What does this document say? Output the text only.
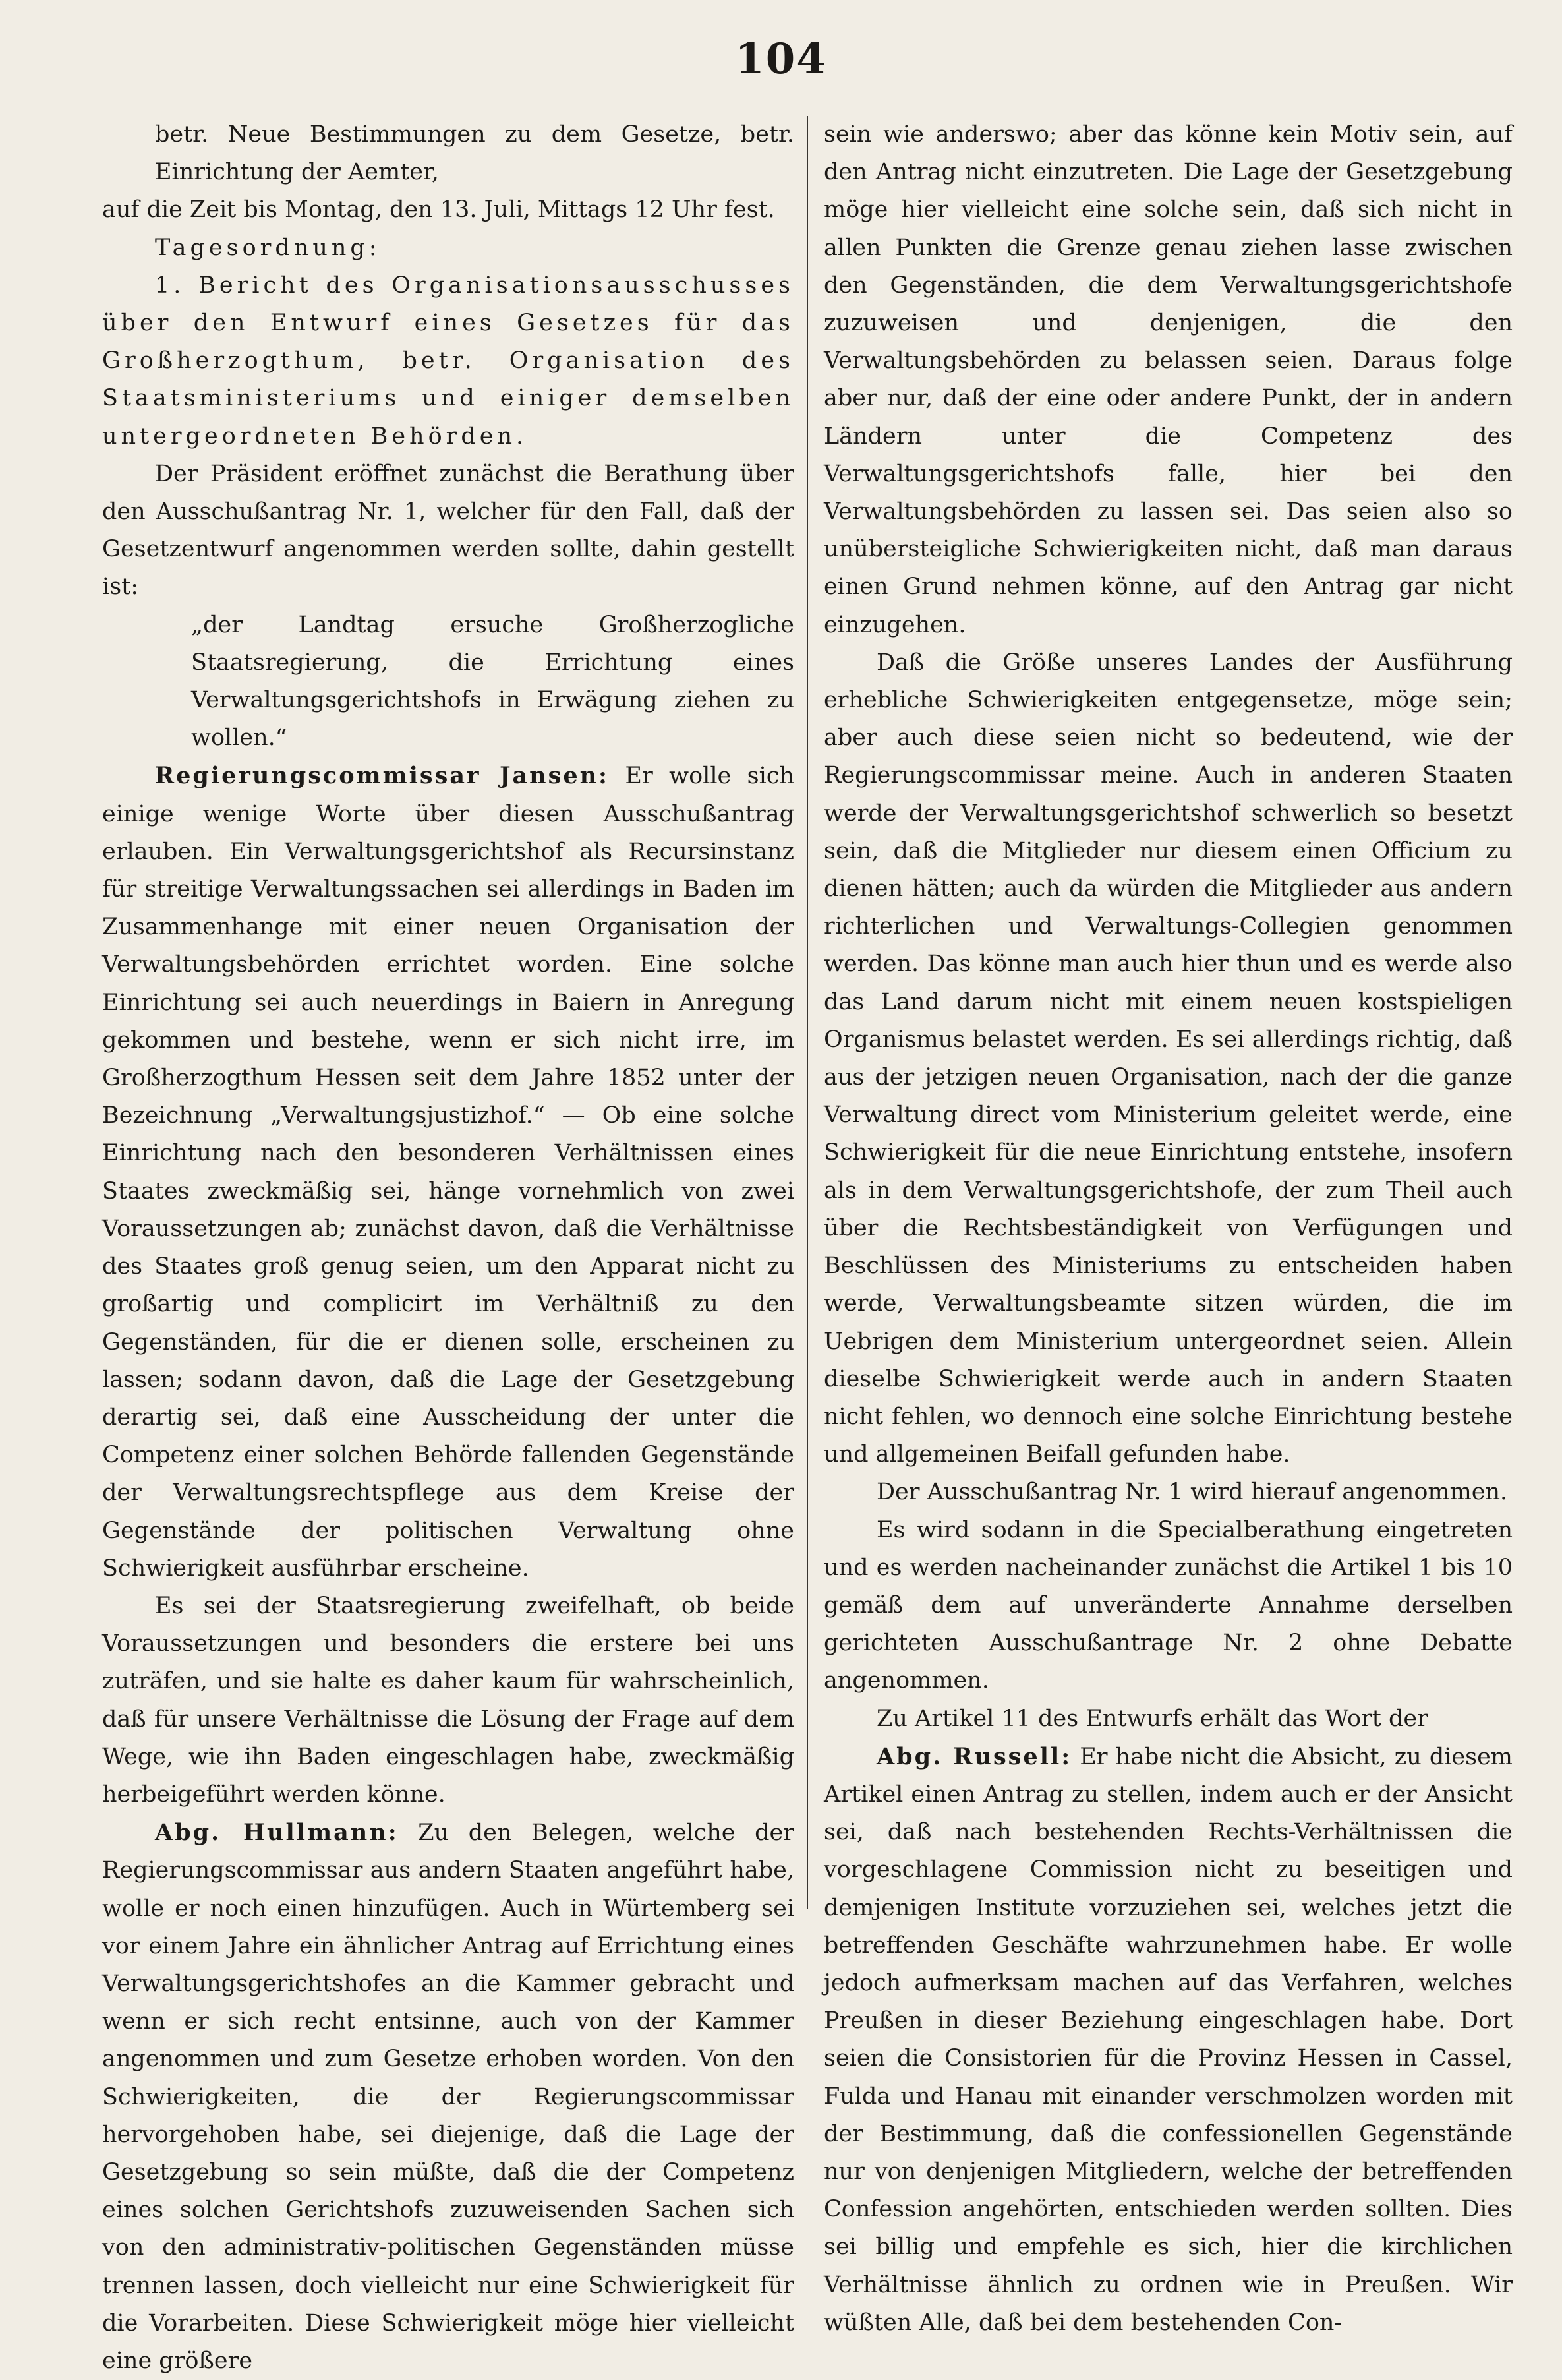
104

betr. Neue Bestimmungen zu dem Gesetze, betr. Einrichtung der Aemter,

auf die Zeit bis Montag, den 13. Juli, Mittags 12 Uhr fest.

Tagesordnung:

1. Bericht des Organisationsausschusses über den Entwurf eines Gesetzes für das Großherzogthum, betr. Organisation des Staatsministeriums und einiger demselben untergeordneten Behörden.

Der Präsident eröffnet zunächst die Berathung über den Ausschußantrag Nr. 1, welcher für den Fall, daß der Gesetzentwurf angenommen werden sollte, dahin gestellt ist:

„der Landtag ersuche Großherzogliche Staatsregierung, die Errichtung eines Verwaltungsgerichtshofs in Erwägung ziehen zu wollen.“

Regierungscommissar Jansen: Er wolle sich einige wenige Worte über diesen Ausschußantrag erlauben. Ein Verwaltungsgerichtshof als Recursinstanz für streitige Verwaltungssachen sei allerdings in Baden im Zusammenhange mit einer neuen Organisation der Verwaltungsbehörden errichtet worden. Eine solche Einrichtung sei auch neuerdings in Baiern in Anregung gekommen und bestehe, wenn er sich nicht irre, im Großherzogthum Hessen seit dem Jahre 1852 unter der Bezeichnung „Verwaltungsjustizhof.“ — Ob eine solche Einrichtung nach den besonderen Verhältnissen eines Staates zweckmäßig sei, hänge vornehmlich von zwei Voraussetzungen ab; zunächst davon, daß die Verhältnisse des Staates groß genug seien, um den Apparat nicht zu großartig und complicirt im Verhältniß zu den Gegenständen, für die er dienen solle, erscheinen zu lassen; sodann davon, daß die Lage der Gesetzgebung derartig sei, daß eine Ausscheidung der unter die Competenz einer solchen Behörde fallenden Gegenstände der Verwaltungsrechtspflege aus dem Kreise der Gegenstände der politischen Verwaltung ohne Schwierigkeit ausführbar erscheine.

Es sei der Staatsregierung zweifelhaft, ob beide Voraussetzungen und besonders die erstere bei uns zuträfen, und sie halte es daher kaum für wahrscheinlich, daß für unsere Verhältnisse die Lösung der Frage auf dem Wege, wie ihn Baden eingeschlagen habe, zweckmäßig herbeigeführt werden könne.

Abg. Hullmann: Zu den Belegen, welche der Regierungscommissar aus andern Staaten angeführt habe, wolle er noch einen hinzufügen. Auch in Würtemberg sei vor einem Jahre ein ähnlicher Antrag auf Errichtung eines Verwaltungsgerichtshofes an die Kammer gebracht und wenn er sich recht entsinne, auch von der Kammer angenommen und zum Gesetze erhoben worden. Von den Schwierigkeiten, die der Regierungscommissar hervorgehoben habe, sei diejenige, daß die Lage der Gesetzgebung so sein müßte, daß die der Competenz eines solchen Gerichtshofs zuzuweisenden Sachen sich von den administrativ-politischen Gegenständen müsse trennen lassen, doch vielleicht nur eine Schwierigkeit für die Vorarbeiten. Diese Schwierigkeit möge hier vielleicht eine größere

sein wie anderswo; aber das könne kein Motiv sein, auf den Antrag nicht einzutreten. Die Lage der Gesetzgebung möge hier vielleicht eine solche sein, daß sich nicht in allen Punkten die Grenze genau ziehen lasse zwischen den Gegenständen, die dem Verwaltungsgerichtshofe zuzuweisen und denjenigen, die den Verwaltungsbehörden zu belassen seien. Daraus folge aber nur, daß der eine oder andere Punkt, der in andern Ländern unter die Competenz des Verwaltungsgerichtshofs falle, hier bei den Verwaltungsbehörden zu lassen sei. Das seien also so unübersteigliche Schwierigkeiten nicht, daß man daraus einen Grund nehmen könne, auf den Antrag gar nicht einzugehen.

Daß die Größe unseres Landes der Ausführung erhebliche Schwierigkeiten entgegensetze, möge sein; aber auch diese seien nicht so bedeutend, wie der Regierungscommissar meine. Auch in anderen Staaten werde der Verwaltungsgerichtshof schwerlich so besetzt sein, daß die Mitglieder nur diesem einen Officium zu dienen hätten; auch da würden die Mitglieder aus andern richterlichen und Verwaltungs-Collegien genommen werden. Das könne man auch hier thun und es werde also das Land darum nicht mit einem neuen kostspieligen Organismus belastet werden. Es sei allerdings richtig, daß aus der jetzigen neuen Organisation, nach der die ganze Verwaltung direct vom Ministerium geleitet werde, eine Schwierigkeit für die neue Einrichtung entstehe, insofern als in dem Verwaltungsgerichtshofe, der zum Theil auch über die Rechtsbeständigkeit von Verfügungen und Beschlüssen des Ministeriums zu entscheiden haben werde, Verwaltungsbeamte sitzen würden, die im Uebrigen dem Ministerium untergeordnet seien. Allein dieselbe Schwierigkeit werde auch in andern Staaten nicht fehlen, wo dennoch eine solche Einrichtung bestehe und allgemeinen Beifall gefunden habe.

Der Ausschußantrag Nr. 1 wird hierauf angenommen.

Es wird sodann in die Specialberathung eingetreten und es werden nacheinander zunächst die Artikel 1 bis 10 gemäß dem auf unveränderte Annahme derselben gerichteten Ausschußantrage Nr. 2 ohne Debatte angenommen.

Zu Artikel 11 des Entwurfs erhält das Wort der

Abg. Russell: Er habe nicht die Absicht, zu diesem Artikel einen Antrag zu stellen, indem auch er der Ansicht sei, daß nach bestehenden Rechts-Verhältnissen die vorgeschlagene Commission nicht zu beseitigen und demjenigen Institute vorzuziehen sei, welches jetzt die betreffenden Geschäfte wahrzunehmen habe. Er wolle jedoch aufmerksam machen auf das Verfahren, welches Preußen in dieser Beziehung eingeschlagen habe. Dort seien die Consistorien für die Provinz Hessen in Cassel, Fulda und Hanau mit einander verschmolzen worden mit der Bestimmung, daß die confessionellen Gegenstände nur von denjenigen Mitgliedern, welche der betreffenden Confession angehörten, entschieden werden sollten. Dies sei billig und empfehle es sich, hier die kirchlichen Verhältnisse ähnlich zu ordnen wie in Preußen. Wir wüßten Alle, daß bei dem bestehenden Con-
